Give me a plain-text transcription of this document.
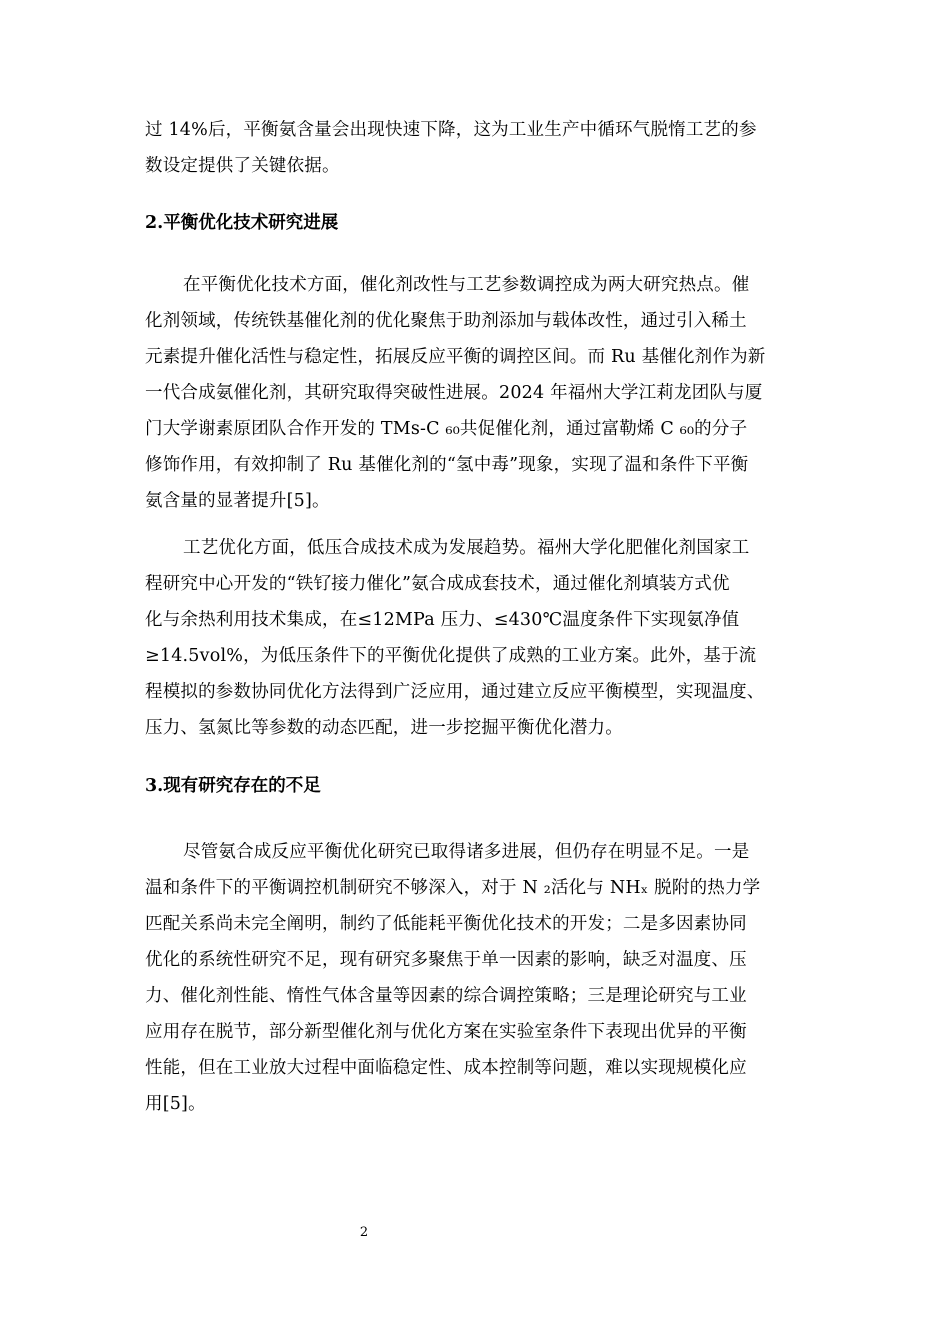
过 14%后，平衡氨含量会出现快速下降，这为工业生产中循环气脱惰工艺的参
数设定提供了关键依据。
2.平衡优化技术研究进展
在平衡优化技术方面，催化剂改性与工艺参数调控成为两大研究热点。催
化剂领域，传统铁基催化剂的优化聚焦于助剂添加与载体改性，通过引入稀土
元素提升催化活性与稳定性，拓展反应平衡的调控区间。而 Ru 基催化剂作为新
一代合成氨催化剂，其研究取得突破性进展。2024 年福州大学江莉龙团队与厦
门大学谢素原团队合作开发的 TMs-C ₆₀共促催化剂，通过富勒烯 C ₆₀的分子
修饰作用，有效抑制了 Ru 基催化剂的“氢中毒”现象，实现了温和条件下平衡
氨含量的显著提升[5]。
工艺优化方面，低压合成技术成为发展趋势。福州大学化肥催化剂国家工
程研究中心开发的“铁钌接力催化”氨合成成套技术，通过催化剂填装方式优
化与余热利用技术集成，在≤12MPa 压力、≤430℃温度条件下实现氨净值
≥14.5vol%，为低压条件下的平衡优化提供了成熟的工业方案。此外，基于流
程模拟的参数协同优化方法得到广泛应用，通过建立反应平衡模型，实现温度、
压力、氢氮比等参数的动态匹配，进一步挖掘平衡优化潜力。
3.现有研究存在的不足
尽管氨合成反应平衡优化研究已取得诸多进展，但仍存在明显不足。一是
温和条件下的平衡调控机制研究不够深入，对于 N ₂活化与 NHₓ 脱附的热力学
匹配关系尚未完全阐明，制约了低能耗平衡优化技术的开发；二是多因素协同
优化的系统性研究不足，现有研究多聚焦于单一因素的影响，缺乏对温度、压
力、催化剂性能、惰性气体含量等因素的综合调控策略；三是理论研究与工业
应用存在脱节，部分新型催化剂与优化方案在实验室条件下表现出优异的平衡
性能，但在工业放大过程中面临稳定性、成本控制等问题，难以实现规模化应
用[5]。
2
